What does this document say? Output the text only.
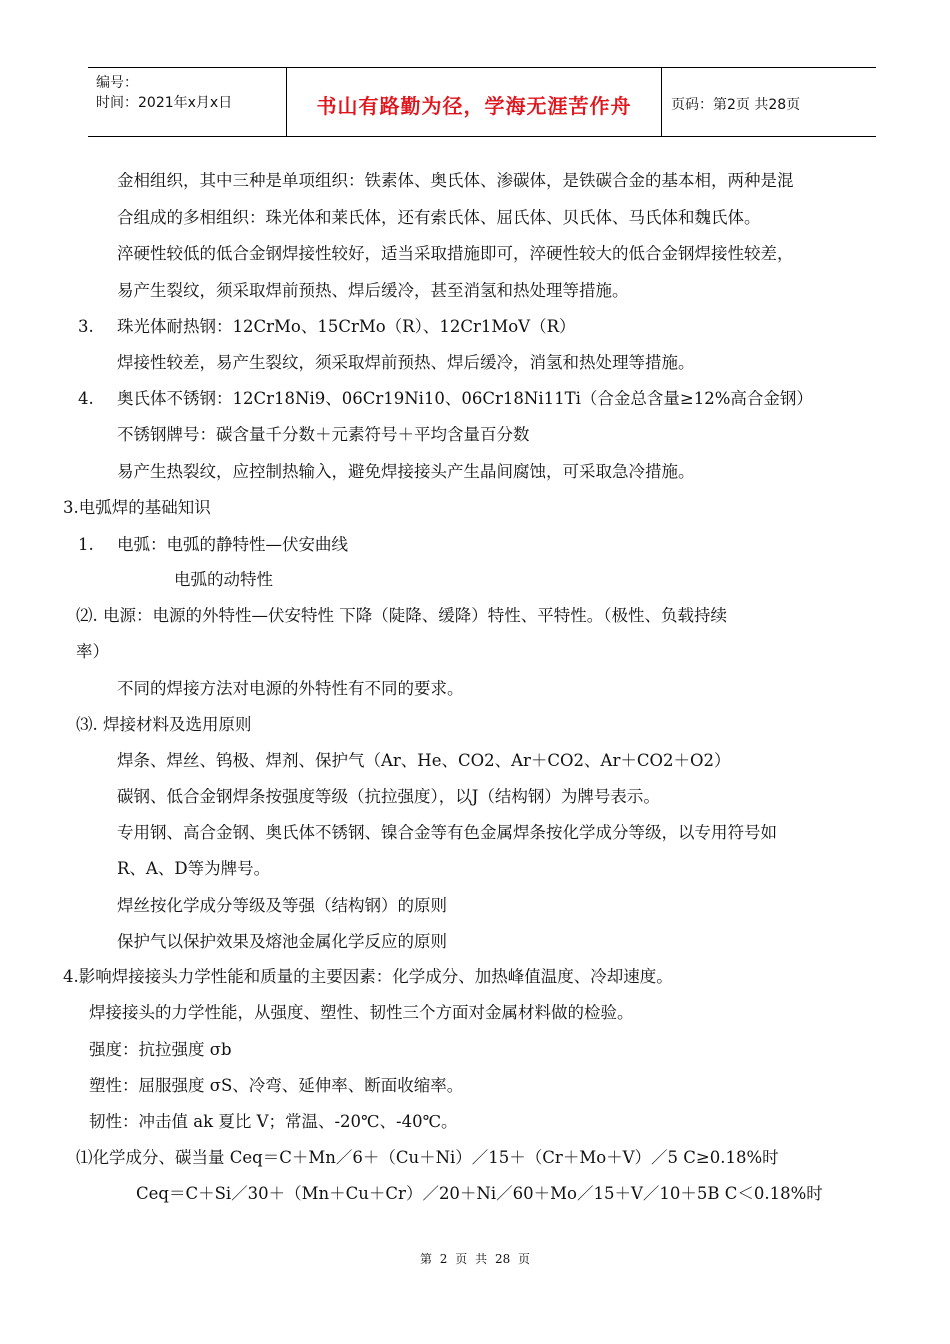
编号：
时间：2021年x月x日	书山有路勤为径，学海无涯苦作舟	页码：第2页 共28页
金相组织，其中三种是单项组织：铁素体、奥氏体、渗碳体，是铁碳合金的基本相，两种是混
合组成的多相组织：珠光体和莱氏体，还有索氏体、屈氏体、贝氏体、马氏体和魏氏体。
淬硬性较低的低合金钢焊接性较好，适当采取措施即可，淬硬性较大的低合金钢焊接性较差，
易产生裂纹，须采取焊前预热、焊后缓冷，甚至消氢和热处理等措施。
3. 珠光体耐热钢：12CrMo、15CrMo（R）、12Cr1MoV（R）
焊接性较差，易产生裂纹，须采取焊前预热、焊后缓冷，消氢和热处理等措施。
4. 奥氏体不锈钢：12Cr18Ni9、06Cr19Ni10、06Cr18Ni11Ti（合金总含量≥12%高合金钢）
不锈钢牌号：碳含量千分数＋元素符号＋平均含量百分数
易产生热裂纹，应控制热输入，避免焊接接头产生晶间腐蚀，可采取急冷措施。
3.电弧焊的基础知识
1. 电弧：电弧的静特性—伏安曲线
电弧的动特性
⑵. 电源：电源的外特性—伏安特性 下降（陡降、缓降）特性、平特性。（极性、负载持续
率）
不同的焊接方法对电源的外特性有不同的要求。
⑶. 焊接材料及选用原则
焊条、焊丝、钨极、焊剂、保护气（Ar、He、CO2、Ar＋CO2、Ar＋CO2＋O2）
碳钢、低合金钢焊条按强度等级（抗拉强度），以J（结构钢）为牌号表示。
专用钢、高合金钢、奥氏体不锈钢、镍合金等有色金属焊条按化学成分等级，以专用符号如
R、A、D等为牌号。
焊丝按化学成分等级及等强（结构钢）的原则
保护气以保护效果及熔池金属化学反应的原则
4.影响焊接接头力学性能和质量的主要因素：化学成分、加热峰值温度、冷却速度。
焊接接头的力学性能，从强度、塑性、韧性三个方面对金属材料做的检验。
强度：抗拉强度 σb
塑性：屈服强度 σS、冷弯、延伸率、断面收缩率。
韧性：冲击值 ak 夏比 V；常温、-20℃、-40℃。
⑴化学成分、碳当量 Ceq＝C＋Mn／6＋（Cu＋Ni）／15＋（Cr＋Mo＋V）／5 C≥0.18%时
Ceq＝C＋Si／30＋（Mn＋Cu＋Cr）／20＋Ni／60＋Mo／15＋V／10＋5B C＜0.18%时
第 2 页 共 28 页
